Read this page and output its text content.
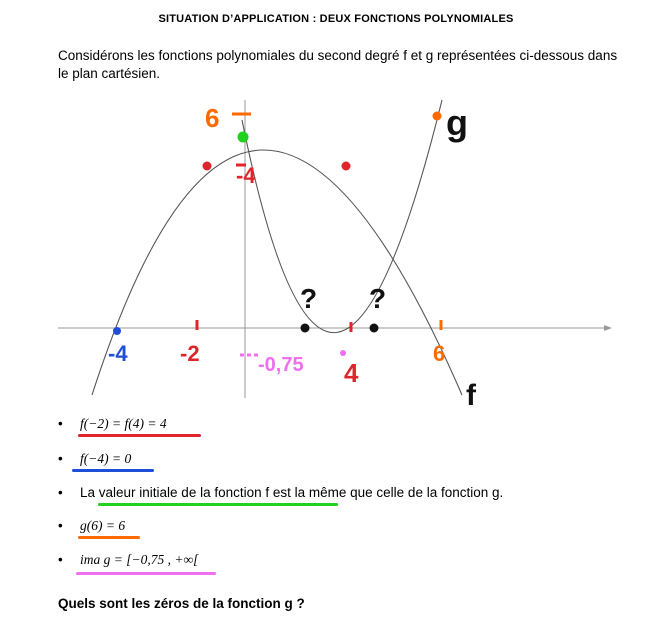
SITUATION D’APPLICATION : DEUX FONCTIONS POLYNOMIALES
Considérons les fonctions polynomiales du second degré f et g représentées ci-dessous dans le plan cartésien.
6
-4
g
f
? ?
-4 -2	-0,75 4
6
• f(−2) = f(4) = 4
• f(−4) = 0
• La valeur initiale de la fonction f est la même que celle de la fonction g.
• g(6) = 6
• ima g = [−0,75 , +∞[
Quels sont les zéros de la fonction g ?
